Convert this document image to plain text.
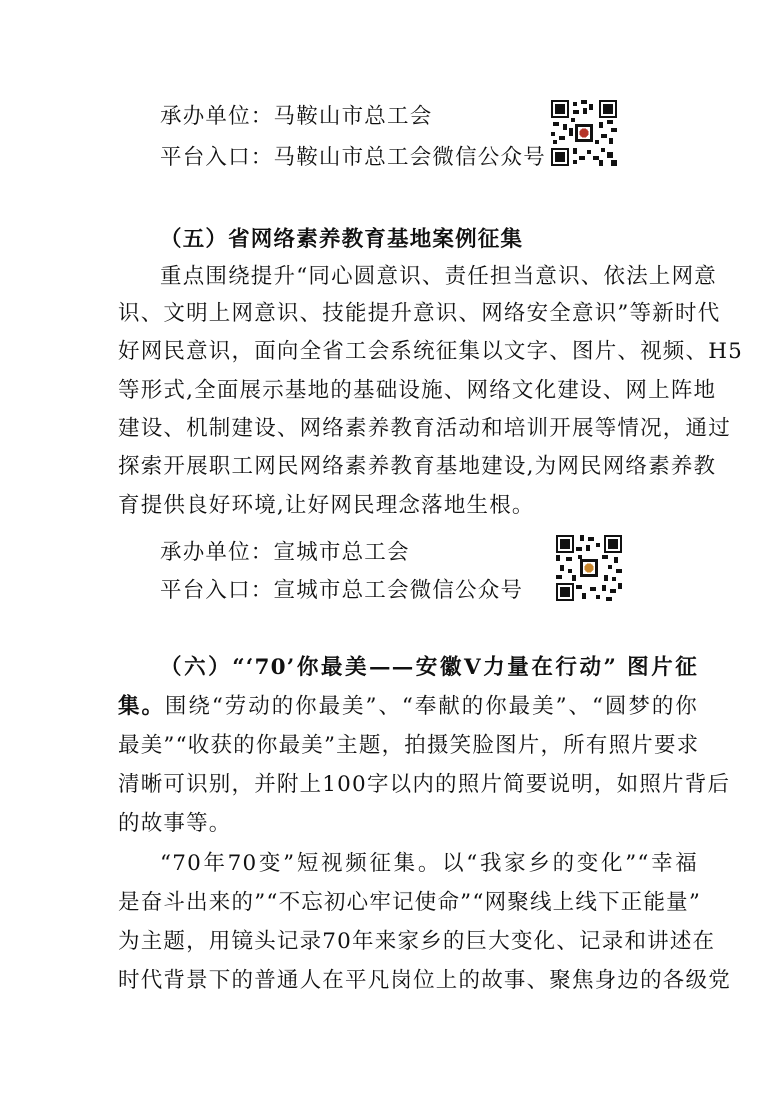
承办单位：马鞍山市总工会
平台入口：马鞍山市总工会微信公众号
（五）省网络素养教育基地案例征集
重点围绕提升“同心圆意识、责任担当意识、依法上网意
识、文明上网意识、技能提升意识、网络安全意识”等新时代
好网民意识，面向全省工会系统征集以文字、图片、视频、H5
等形式,全面展示基地的基础设施、网络文化建设、网上阵地
建设、机制建设、网络素养教育活动和培训开展等情况，通过
探索开展职工网民网络素养教育基地建设,为网民网络素养教
育提供良好环境,让好网民理念落地生根。
承办单位：宣城市总工会
平台入口：宣城市总工会微信公众号
（六）“‘70’你最美——安徽Ⅴ力量在行动” 图片征
集。围绕“劳动的你最美”、“奉献的你最美”、“圆梦的你
最美”“收获的你最美”主题，拍摄笑脸图片，所有照片要求
清晰可识别，并附上100字以内的照片简要说明，如照片背后
的故事等。
“70年70变”短视频征集。以“我家乡的变化”“幸福
是奋斗出来的”“不忘初心牢记使命”“网聚线上线下正能量”
为主题，用镜头记录70年来家乡的巨大变化、记录和讲述在
时代背景下的普通人在平凡岗位上的故事、聚焦身边的各级党
